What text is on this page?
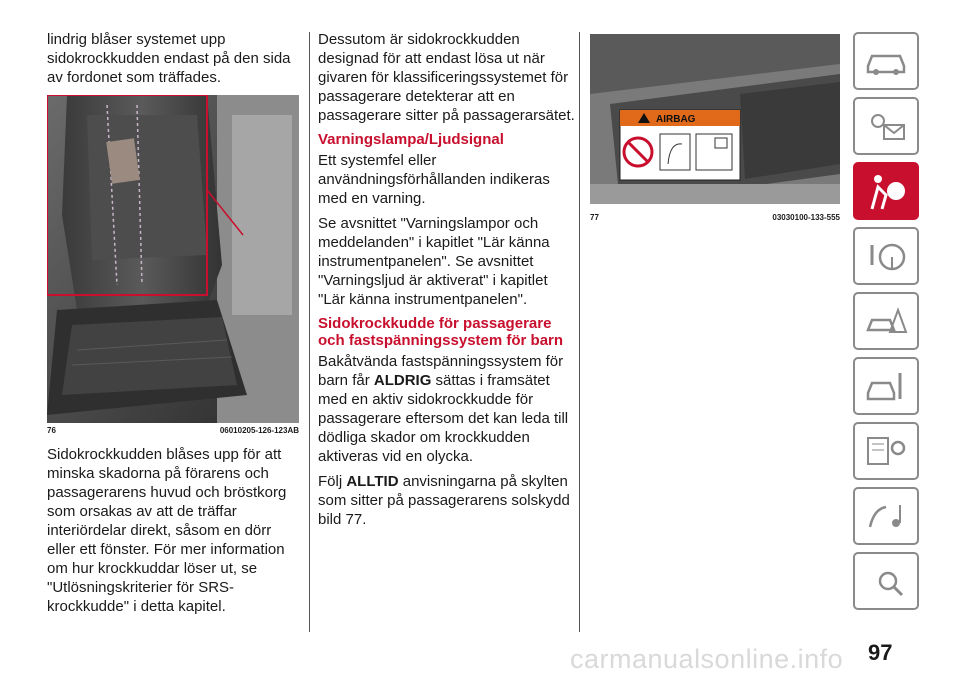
lindrig blåser systemet upp sidokrockkudden endast på den sida av fordonet som träffades.

76	06010205-126-123AB

Sidokrockkudden blåses upp för att minska skadorna på förarens och passagerarens huvud och bröstkorg som orsakas av att de träffar interiördelar direkt, såsom en dörr eller ett fönster. För mer information om hur krockkuddar löser ut, se "Utlösningskriterier för SRS-krockkudde" i detta kapitel.

Dessutom är sidokrockkudden designad för att endast lösa ut när givaren för klassificeringssystemet för passagerare detekterar att en passagerare sitter på passagerarsätet.

Varningslampa/Ljudsignal

Ett systemfel eller användningsförhållanden indikeras med en varning.

Se avsnittet "Varningslampor och meddelanden" i kapitlet "Lär känna instrumentpanelen". Se avsnittet "Varningsljud är aktiverat" i kapitlet "Lär känna instrumentpanelen".

Sidokrockkudde för passagerare och fastspänningssystem för barn

Bakåtvända fastspänningssystem för barn får ALDRIG sättas i framsätet med en aktiv sidokrockkudde för passagerare eftersom det kan leda till dödliga skador om krockkudden aktiveras vid en olycka.

Följ ALLTID anvisningarna på skylten som sitter på passagerarens solskydd bild 77.

AIRBAG
77	03030100-133-555
97
carmanualsonline.info
